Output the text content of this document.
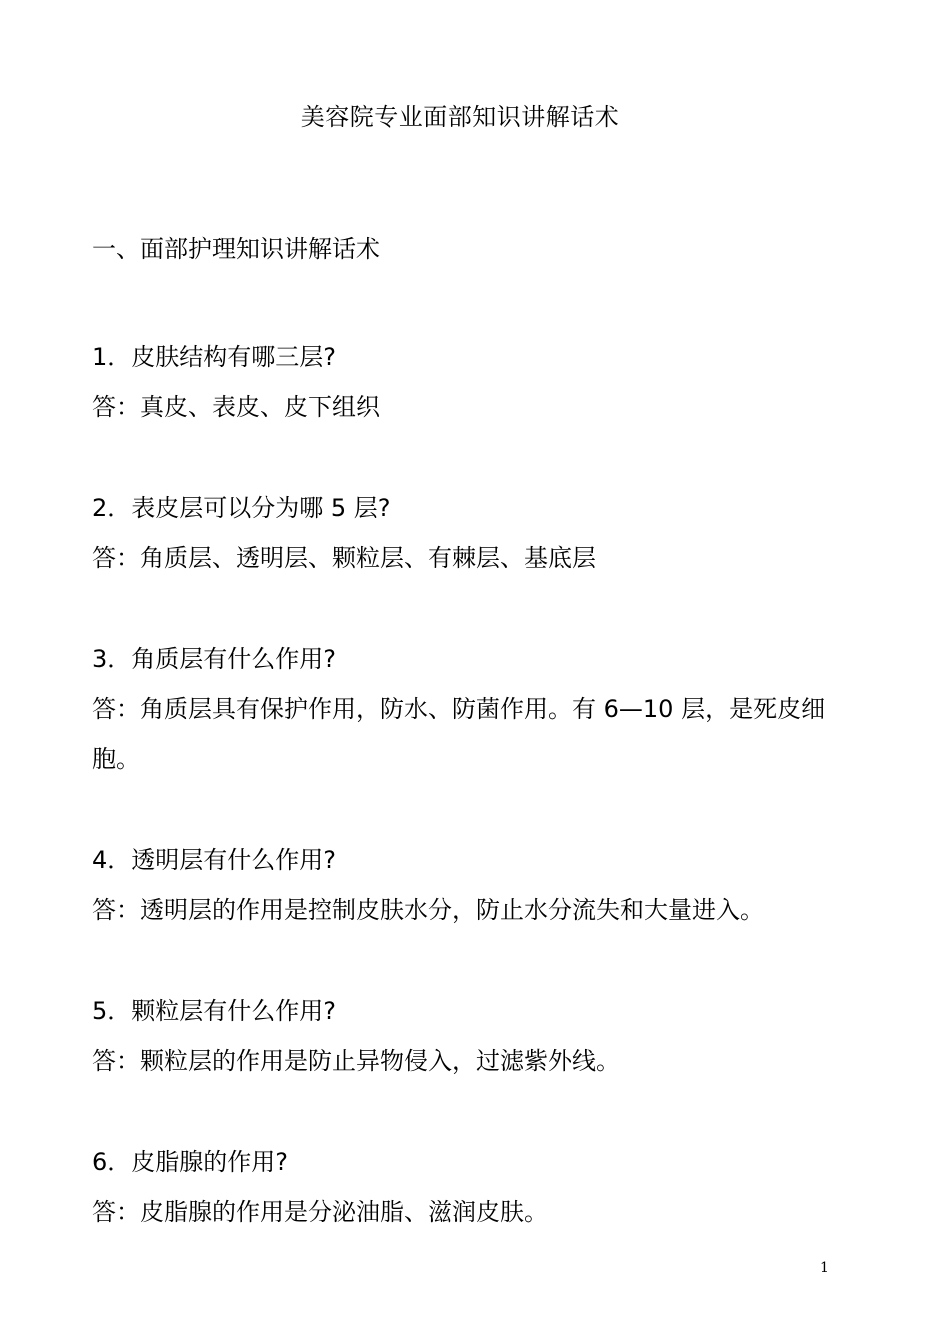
美容院专业面部知识讲解话术
一、面部护理知识讲解话术

1．皮肤结构有哪三层?

答：真皮、表皮、皮下组织

2．表皮层可以分为哪 5 层?

答：角质层、透明层、颗粒层、有棘层、基底层

3．角质层有什么作用?

答：角质层具有保护作用，防水、防菌作用。有 6—10 层，是死皮细胞。

4．透明层有什么作用?

答：透明层的作用是控制皮肤水分，防止水分流失和大量进入。

5．颗粒层有什么作用?

答：颗粒层的作用是防止异物侵入，过滤紫外线。

6．皮脂腺的作用?

答：皮脂腺的作用是分泌油脂、滋润皮肤。

1
